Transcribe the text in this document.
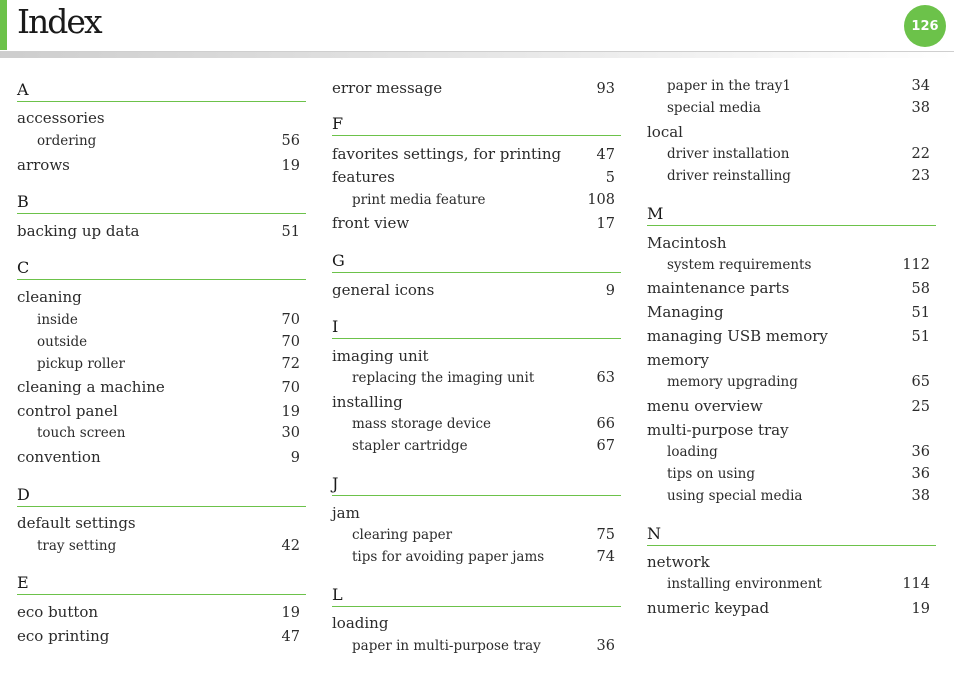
Index	126
A
accessories
ordering	56
arrows	19
B
backing up data	51
C
cleaning
inside	70
outside	70
pickup roller	72
cleaning a machine	70
control panel	19
touch screen	30
convention	9
D
default settings
tray setting	42
E
eco button	19
eco printing	47
error message	93
F
favorites settings, for printing 47
features	5
print media feature	108
front view	17
G
general icons	9
I
imaging unit
replacing the imaging unit	63
installing
mass storage device	66
stapler cartridge	67
J
jam
clearing paper	75
tips for avoiding paper jams	74
L
loading
paper in multi-purpose tray	36
paper in the tray1	34
special media	38
local
driver installation	22
driver reinstalling	23
M
Macintosh
system requirements	112
maintenance parts	58
Managing	51
managing USB memory	51
memory
memory upgrading	65
menu overview	25
multi-purpose tray
loading	36
tips on using	36
using special media	38
N
network
installing environment	114
numeric keypad	19
